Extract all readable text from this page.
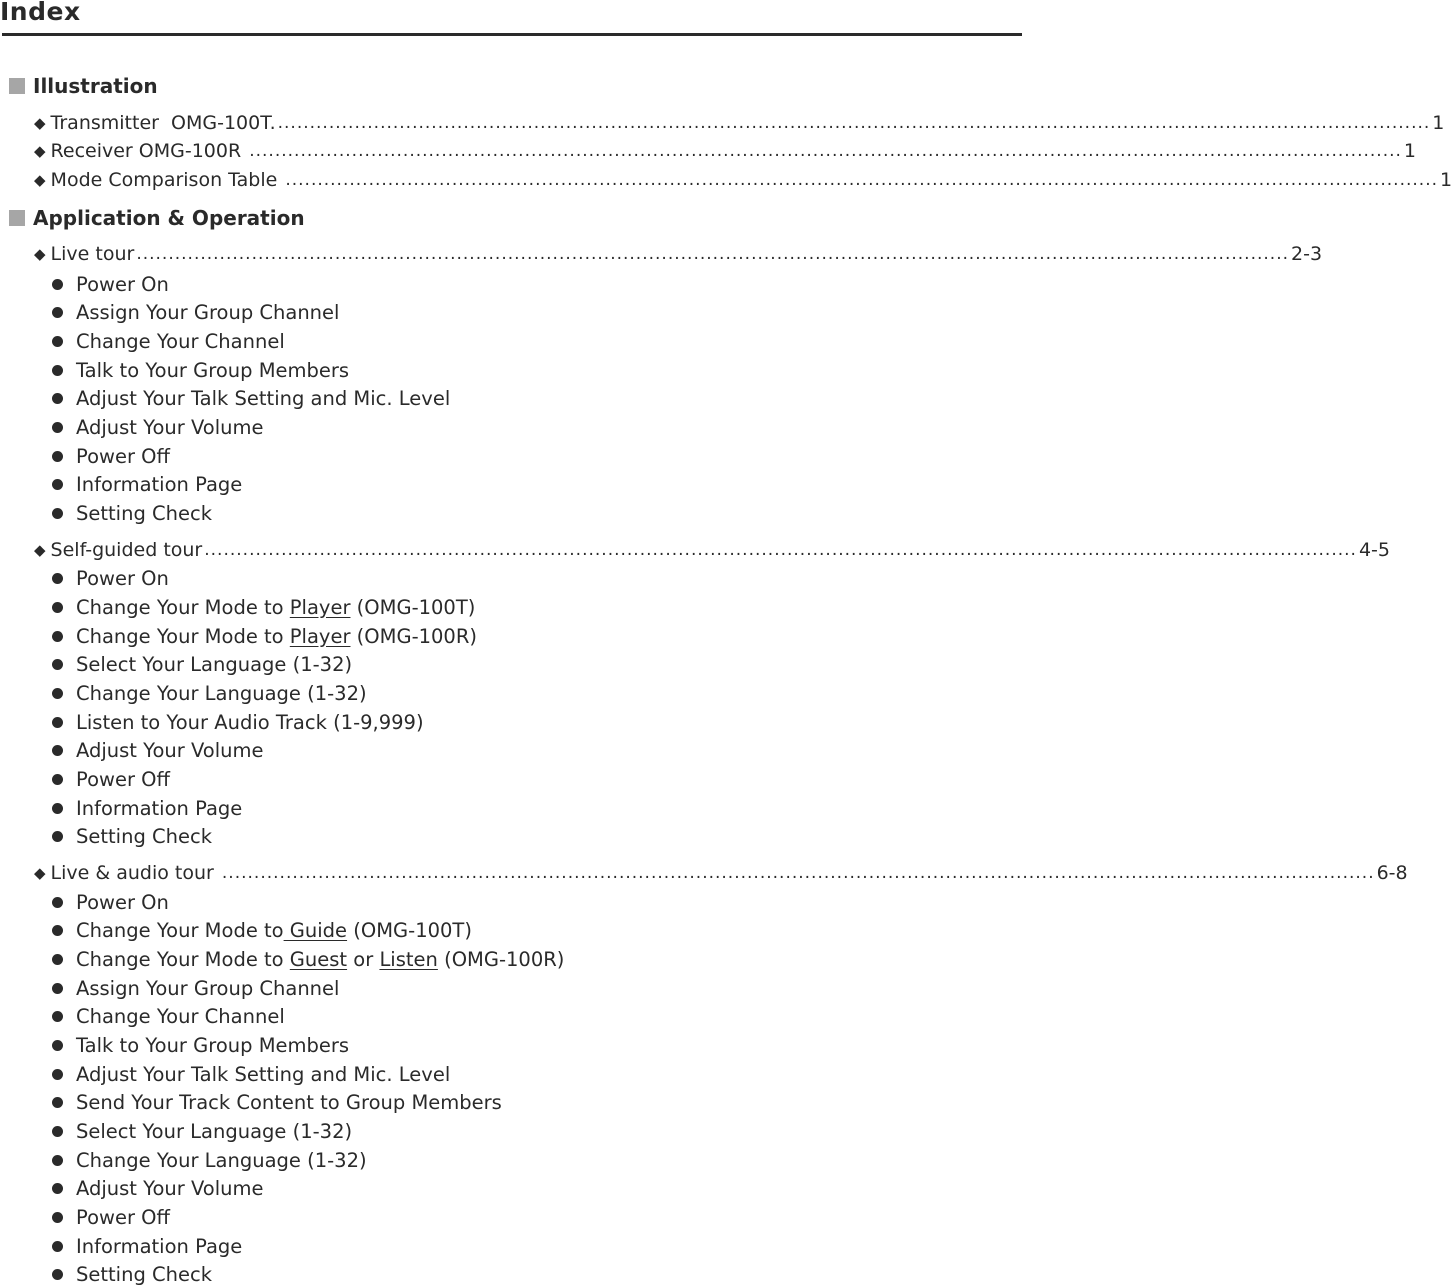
Index
Illustration
◆ Transmitter  OMG-100T. .................................................................................................................................................................................... 1
◆ Receiver OMG-100R .................................................................................................................................................................................... 1
◆ Mode Comparison Table .................................................................................................................................................................................... 1
Application & Operation
◆ Live tour .................................................................................................................................................................................... 2-3
Power On
Assign Your Group Channel
Change Your Channel
Talk to Your Group Members
Adjust Your Talk Setting and Mic. Level
Adjust Your Volume
Power Off
Information Page
Setting Check
◆ Self-guided tour .................................................................................................................................................................................... 4-5
Power On
Change Your Mode to Player (OMG-100T)
Change Your Mode to Player (OMG-100R)
Select Your Language (1-32)
Change Your Language (1-32)
Listen to Your Audio Track (1-9,999)
Adjust Your Volume
Power Off
Information Page
Setting Check
◆ Live & audio tour .................................................................................................................................................................................... 6-8
Power On
Change Your Mode to Guide (OMG-100T)
Change Your Mode to Guest or Listen (OMG-100R)
Assign Your Group Channel
Change Your Channel
Talk to Your Group Members
Adjust Your Talk Setting and Mic. Level
Send Your Track Content to Group Members
Select Your Language (1-32)
Change Your Language (1-32)
Adjust Your Volume
Power Off
Information Page
Setting Check
